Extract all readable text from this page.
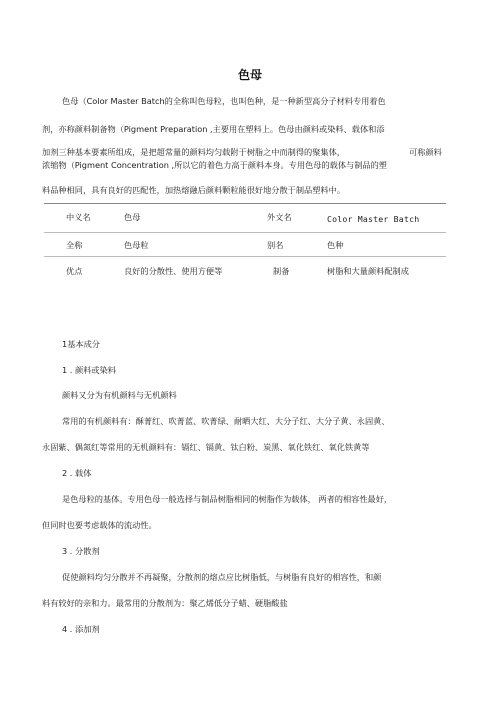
色母
色母（Color Master Batch的全称叫色母粒，也叫色种，是一种新型高分子材料专用着色
剂，亦称颜料制备物（Pigment Preparation ,主要用在塑料上。色母由颜料或染料、载体和添
加剂三种基本要素所组成，是把超常量的颜料均匀载附于树脂之中而制得的聚集体，	可称颜料
浓缩物（Pigment Concentration ,所以它的着色力高于颜料本身。专用色母的载体与制品的塑
料品种相同，具有良好的匹配性，加热熔融后颜料颗粒能很好地分散于制品塑料中。
中义名	色母	外文名	Color Master Batch
全称	色母粒	别名	色种
优点	良好的分散性、使用方便等	制备	树脂和大量颜料配制成
1基本成分
1 . 颜料或染料
颜料又分为有机颜料与无机颜料
常用的有机颜料有：酥菁红、吹菁蓝、吹菁绿、耐晒大红、大分子红、大分子黄、永固黄、
永固紫、偶氮红等常用的无机颜料有：镉红、镉黄、钛白粉、炭黑、氧化铁红、氧化铁黄等
2 . 载体
是色母粒的基体。专用色母一般选择与制品树脂相同的树脂作为载体， 两者的相容性最好，
但同时也要考虑载体的流动性。
3 . 分散剂
促使颜料均匀分散并不再凝聚，分散剂的熔点应比树脂低，与树脂有良好的相容性，和颜
料有较好的亲和力。最常用的分散剂为：聚乙烯低分子蜡、硬脂酸盐
4 . 添加剂
